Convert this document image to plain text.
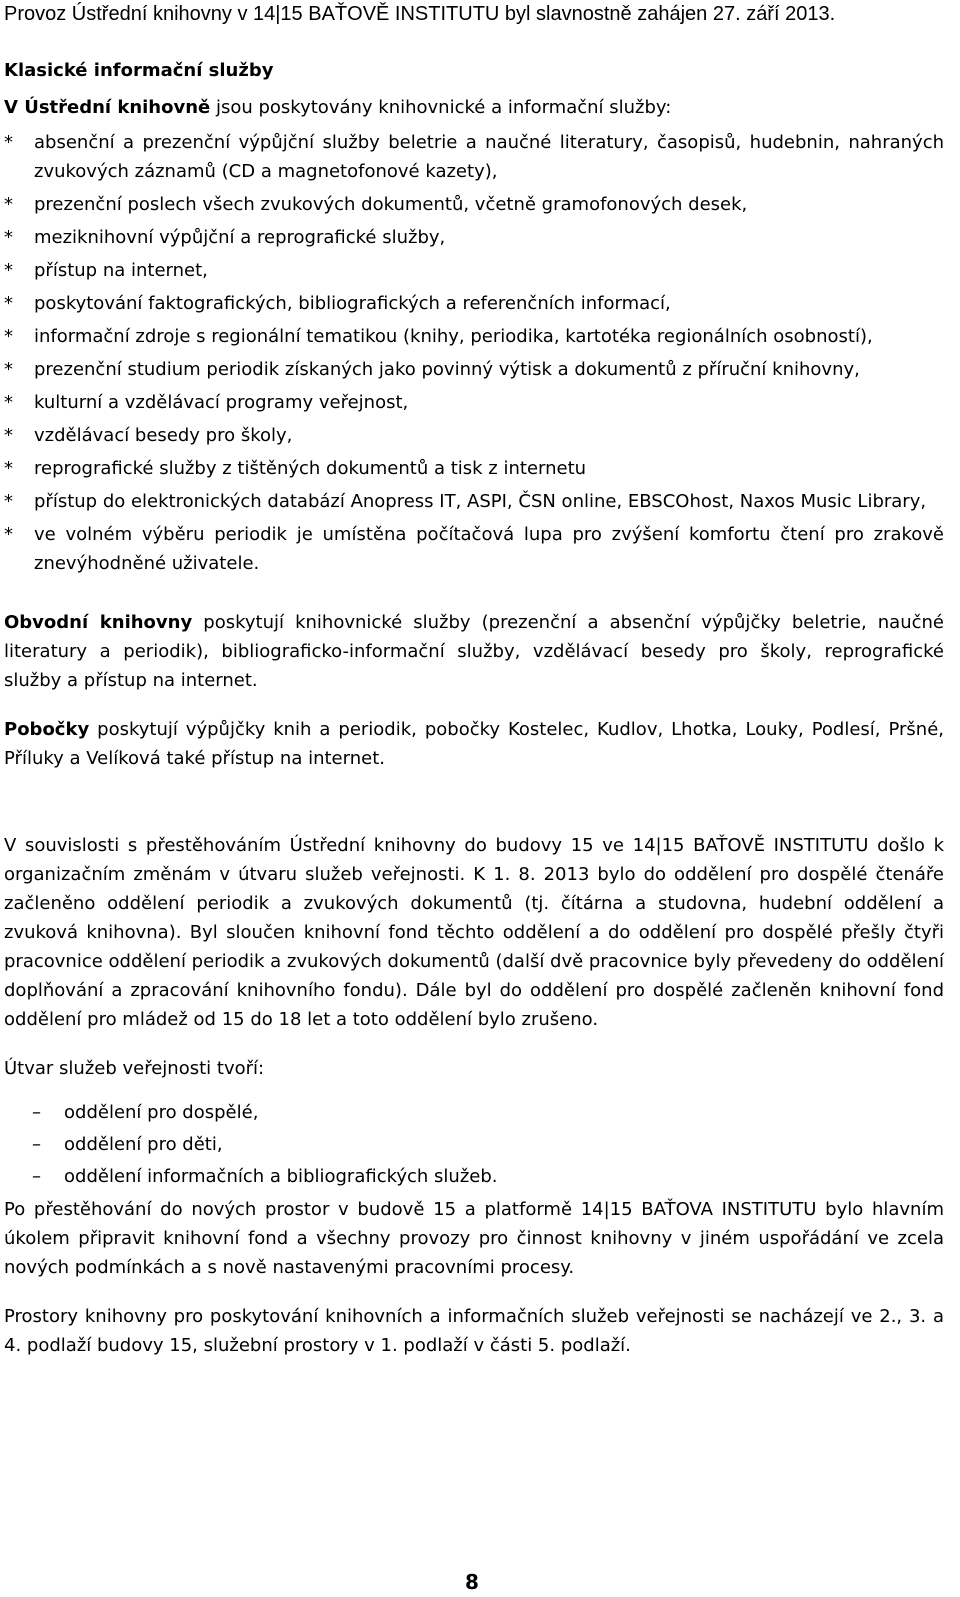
Provoz Ústřední knihovny v 14|15 BAŤOVĚ INSTITUTU byl slavnostně zahájen 27. září 2013.

Klasické informační služby

V Ústřední knihovně jsou poskytovány knihovnické a informační služby:

* absenční a prezenční výpůjční služby beletrie a naučné literatury, časopisů, hudebnin, nahraných zvukových záznamů (CD a magnetofonové kazety),
* prezenční poslech všech zvukových dokumentů, včetně gramofonových desek,
* meziknihovní výpůjční a reprografické služby,
* přístup na internet,
* poskytování faktografických, bibliografických a referenčních informací,
* informační zdroje s regionální tematikou (knihy, periodika, kartotéka regionálních osobností),
* prezenční studium periodik získaných jako povinný výtisk a dokumentů z příruční knihovny,
* kulturní a vzdělávací programy veřejnost,
* vzdělávací besedy pro školy,
* reprografické služby z tištěných dokumentů a tisk z internetu
* přístup do elektronických databází Anopress IT, ASPI, ČSN online, EBSCOhost, Naxos Music Library,
* ve volném výběru periodik je umístěna počítačová lupa pro zvýšení komfortu čtení pro zrakově znevýhodněné uživatele.

Obvodní knihovny poskytují knihovnické služby (prezenční a absenční výpůjčky beletrie, naučné literatury a periodik), bibliograficko-informační služby, vzdělávací besedy pro školy, reprografické služby a přístup na internet.

Pobočky poskytují výpůjčky knih a periodik, pobočky Kostelec, Kudlov, Lhotka, Louky, Podlesí, Pršné, Příluky a Velíková také přístup na internet.

V souvislosti s přestěhováním Ústřední knihovny do budovy 15 ve 14|15 BAŤOVĚ INSTITUTU došlo k organizačním změnám v útvaru služeb veřejnosti. K 1. 8. 2013 bylo do oddělení pro dospělé čtenáře začleněno oddělení periodik a zvukových dokumentů (tj. čítárna a studovna, hudební oddělení a zvuková knihovna). Byl sloučen knihovní fond těchto oddělení a do oddělení pro dospělé přešly čtyři pracovnice oddělení periodik a zvukových dokumentů (další dvě pracovnice byly převedeny do oddělení doplňování a zpracování knihovního fondu). Dále byl do oddělení pro dospělé začleněn knihovní fond oddělení pro mládež od 15 do 18 let a toto oddělení bylo zrušeno.

Útvar služeb veřejnosti tvoří:

– oddělení pro dospělé,
– oddělení pro děti,
– oddělení informačních a bibliografických služeb.

Po přestěhování do nových prostor v budově 15 a platformě 14|15 BAŤOVA INSTITUTU bylo hlavním úkolem připravit knihovní fond a všechny provozy pro činnost knihovny v jiném uspořádání ve zcela nových podmínkách a s nově nastavenými pracovními procesy.

Prostory knihovny pro poskytování knihovních a informačních služeb veřejnosti se nacházejí ve 2., 3. a 4. podlaží budovy 15, služební prostory v 1. podlaží v části 5. podlaží.

8
